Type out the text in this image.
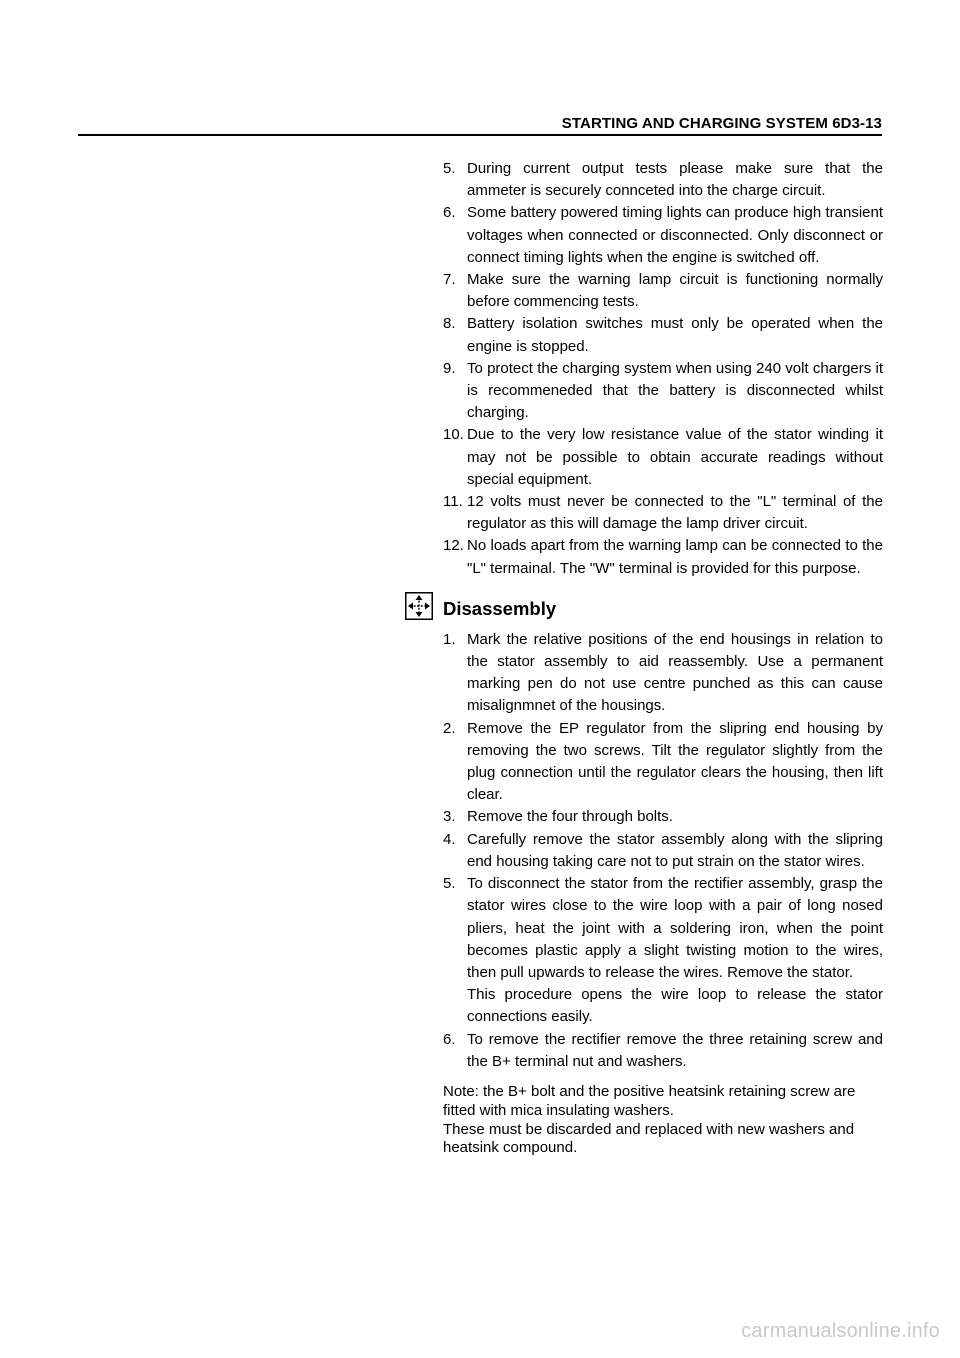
STARTING AND CHARGING SYSTEM 6D3-13
5. During current output tests please make sure that the ammeter is securely connceted into the charge circuit.
6. Some battery powered timing lights can produce high transient voltages when connected or disconnected. Only disconnect or connect timing lights when the engine is switched off.
7. Make sure the warning lamp circuit is functioning normally before commencing tests.
8. Battery isolation switches must only be operated when the engine is stopped.
9. To protect the charging system when using 240 volt chargers it is recommeneded that the battery is disconnected whilst charging.
10. Due to the very low resistance value of the stator winding it may not be possible to obtain accurate readings without special equipment.
11. 12 volts must never be connected to the "L" terminal of the regulator as this will damage the lamp driver circuit.
12. No loads apart from the warning lamp can be connected to the "L" termainal. The "W" terminal is provided for this purpose.
Disassembly
1. Mark the relative positions of the end housings in relation to the stator assembly to aid reassembly. Use a permanent marking pen do not use centre punched as this can cause misalignmnet of the housings.
2. Remove the EP regulator from the slipring end housing by removing the two screws. Tilt the regulator slightly from the plug connection until the regulator clears the housing, then lift clear.
3. Remove the four through bolts.
4. Carefully remove the stator assembly along with the slipring end housing taking care not to put strain on the stator wires.
5. To disconnect the stator from the rectifier assembly, grasp the stator wires close to the wire loop with a pair of long nosed pliers, heat the joint with a soldering iron, when the point becomes plastic apply a slight twisting motion to the wires, then pull upwards to release the wires. Remove the stator.
This procedure opens the wire loop to release the stator connections easily.
6. To remove the rectifier remove the three retaining screw and the B+ terminal nut and washers.
Note: the B+ bolt and the positive heatsink retaining screw are
fitted with mica insulating washers.
These must be discarded and replaced with new washers and
heatsink compound.
carmanualsonline.info
